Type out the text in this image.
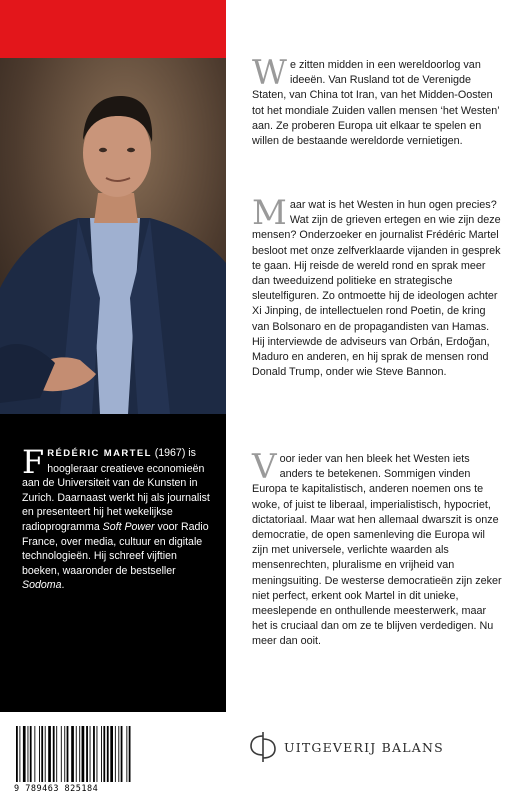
FRÉDÉRIC MARTEL (1967) is hoogleraar creatieve economieën aan de Universiteit van de Kunsten in Zurich. Daarnaast werkt hij als journalist en presenteert hij het wekelijkse radioprogramma Soft Power voor Radio France, over media, cultuur en digitale technologieën. Hij schreef vijftien boeken, waaronder de bestseller Sodoma.
9 789463 825184
We zitten midden in een wereldoorlog van ideeën. Van Rusland tot de Verenigde Staten, van China tot Iran, van het Midden-Oosten tot het mondiale Zuiden vallen mensen ‘het Westen’ aan. Ze proberen Europa uit elkaar te spelen en willen de bestaande wereldorde vernietigen.
Maar wat is het Westen in hun ogen precies? Wat zijn de grieven ertegen en wie zijn deze mensen? Onderzoeker en journalist Frédéric Martel besloot met onze zelfverklaarde vijanden in gesprek te gaan. Hij reisde de wereld rond en sprak meer dan tweeduizend politieke en strategische sleutelfiguren. Zo ontmoette hij de ideologen achter Xi Jinping, de intellectuelen rond Poetin, de kring van Bolsonaro en de propagandisten van Hamas. Hij interviewde de adviseurs van Orbán, Erdoğan, Maduro en anderen, en hij sprak de mensen rond Donald Trump, onder wie Steve Bannon.
Voor ieder van hen bleek het Westen iets anders te betekenen. Sommigen vinden Europa te kapitalistisch, anderen noemen ons te woke, of juist te liberaal, imperialistisch, hypocriet, dictatoriaal. Maar wat hen allemaal dwarszit is onze democratie, de open samenleving die Europa wil zijn met universele, verlichte waarden als mensenrechten, pluralisme en vrijheid van meningsuiting. De westerse democratieën zijn zeker niet perfect, erkent ook Martel in dit unieke, meeslepende en onthullende meesterwerk, maar het is cruciaal dan om ze te blijven verdedigen. Nu meer dan ooit.
UITGEVERIJ BALANS
